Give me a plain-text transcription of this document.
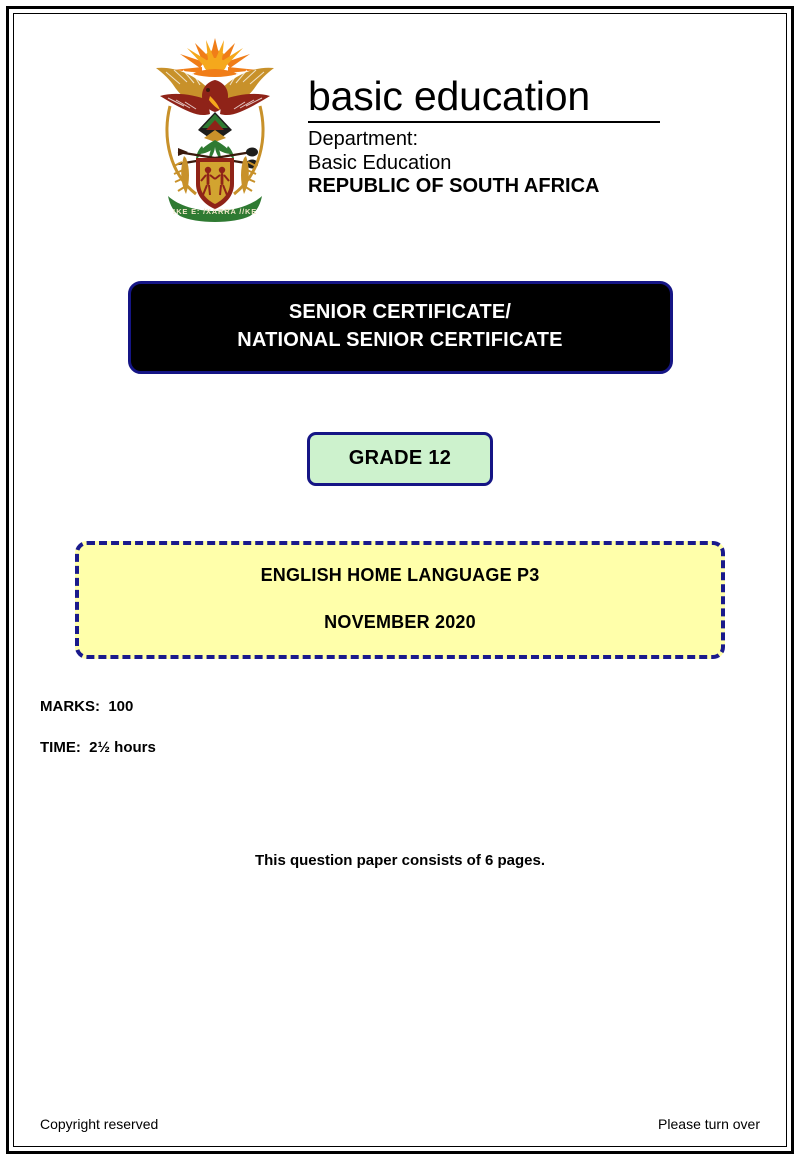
!KE E: /XARRA //KE
basic education
Department:
Basic Education
REPUBLIC OF SOUTH AFRICA
SENIOR CERTIFICATE/
NATIONAL SENIOR CERTIFICATE
GRADE 12
ENGLISH HOME LANGUAGE P3
NOVEMBER 2020
MARKS:  100
TIME:  2½ hours
This question paper consists of 6 pages.
Copyright reserved	Please turn over
